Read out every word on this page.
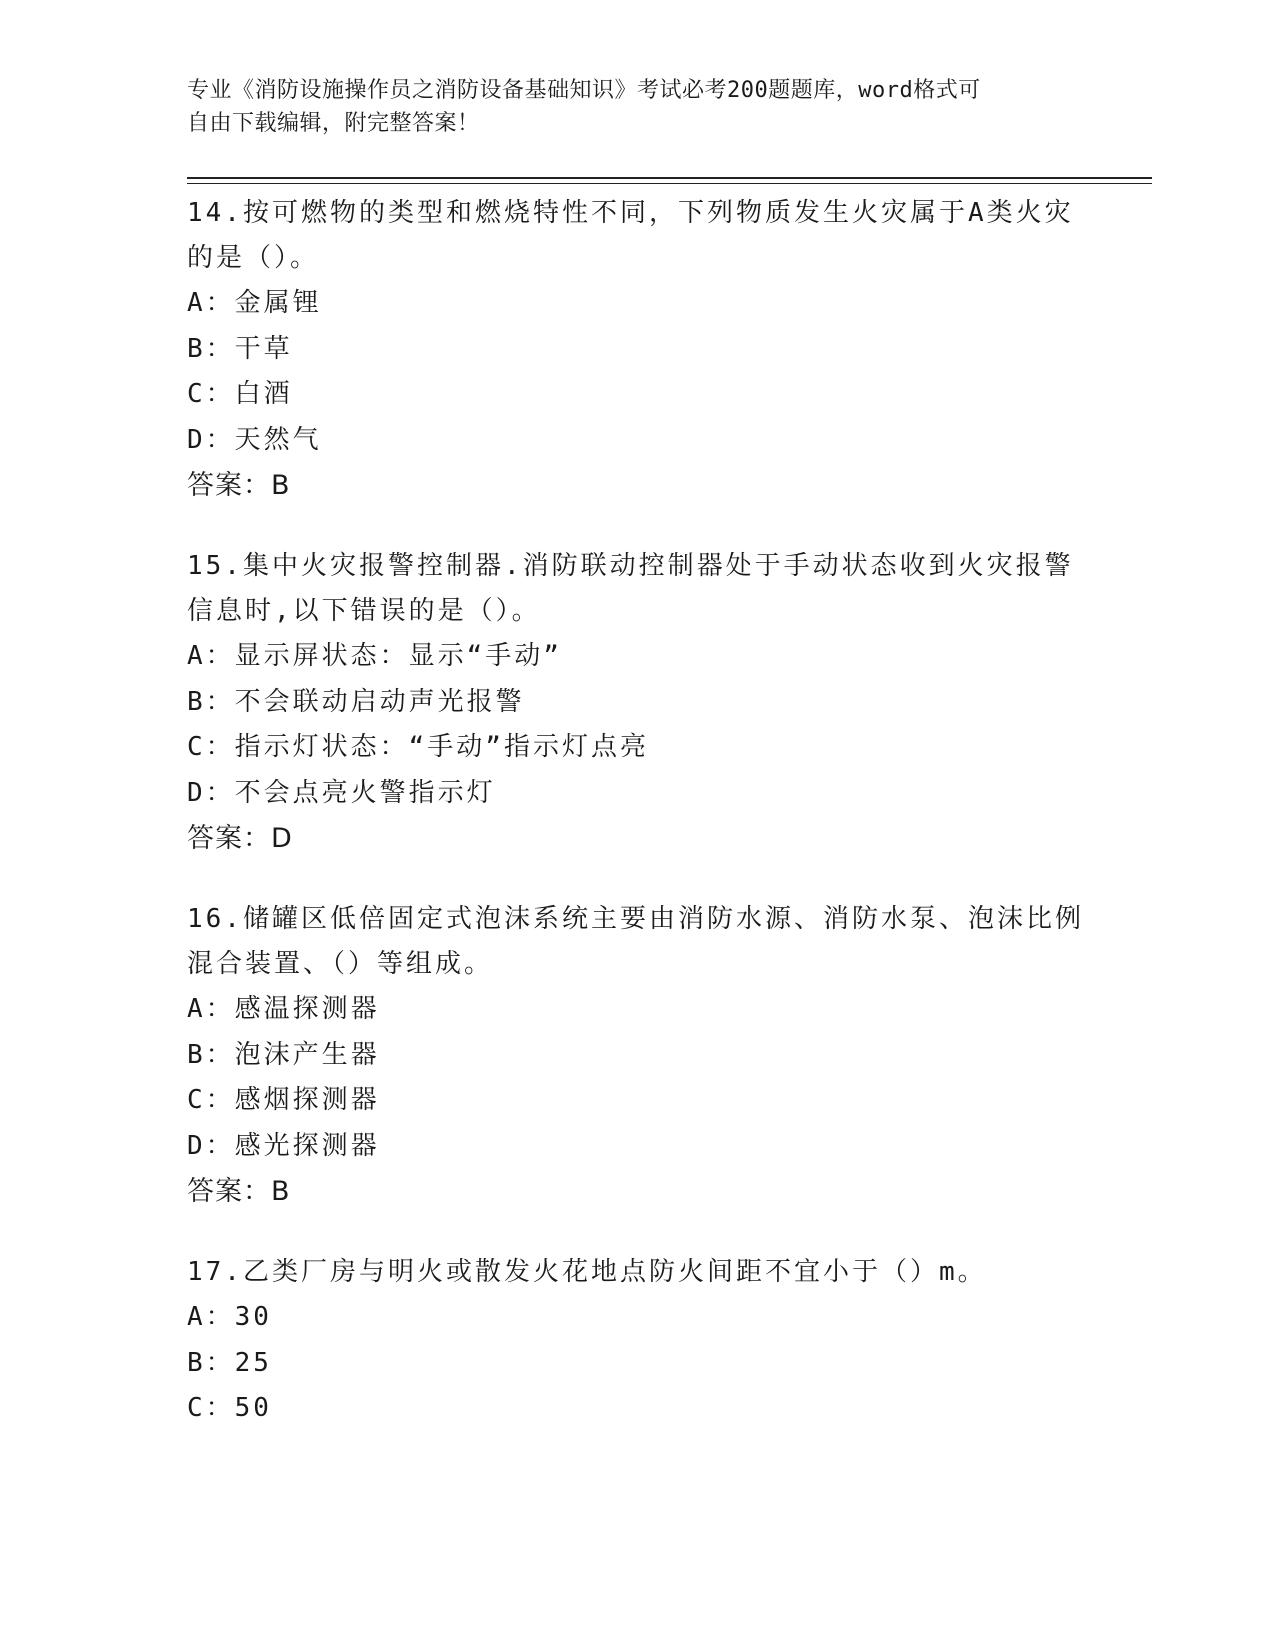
专业《消防设施操作员之消防设备基础知识》考试必考200题题库，word格式可

自由下载编辑，附完整答案！

14.按可燃物的类型和燃烧特性不同，下列物质发生火灾属于A类火灾
的是（）。

A：金属锂

B：干草

C：白酒

D：天然气

答案：B

15.集中火灾报警控制器.消防联动控制器处于手动状态收到火灾报警
信息时,以下错误的是（）。

A：显示屏状态：显示“手动”

B：不会联动启动声光报警

C：指示灯状态：“手动”指示灯点亮

D：不会点亮火警指示灯

答案：D

16.储罐区低倍固定式泡沫系统主要由消防水源、消防水泵、泡沫比例
混合装置、（）等组成。

A：感温探测器

B：泡沫产生器

C：感烟探测器

D：感光探测器

答案：B

17.乙类厂房与明火或散发火花地点防火间距不宜小于（）m。

A：30

B：25

C：50
